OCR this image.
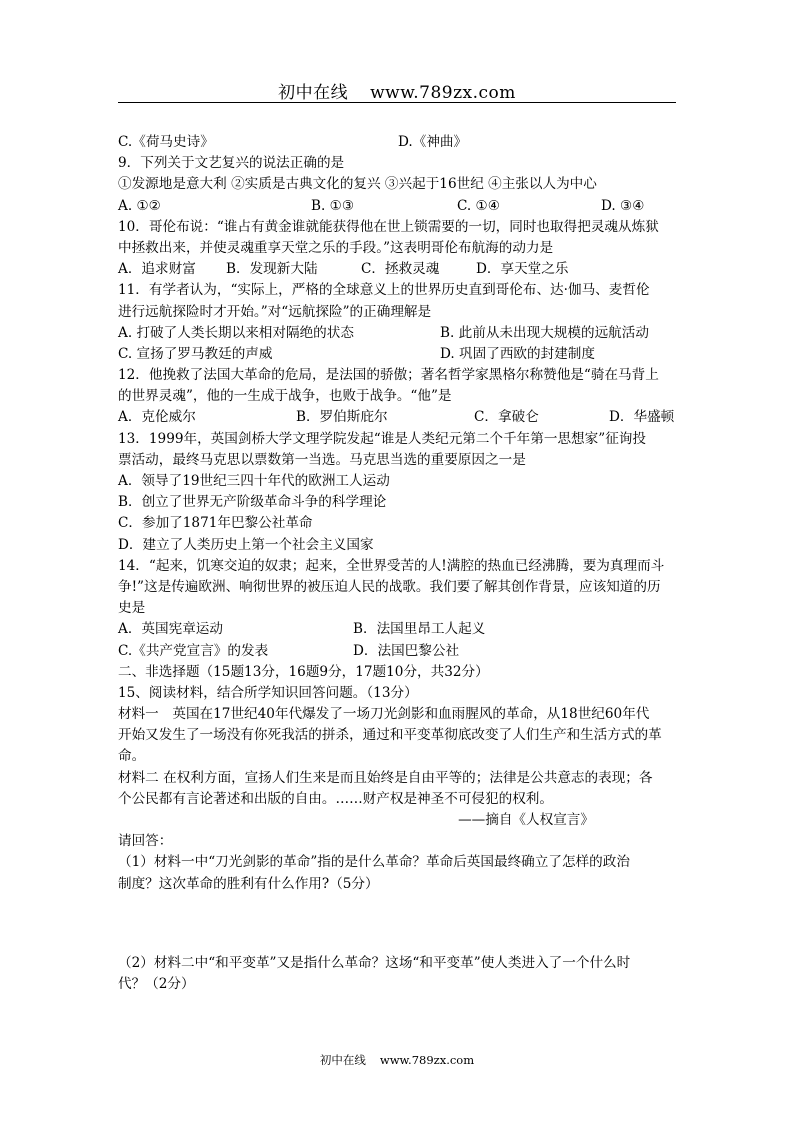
初中在线 www.789zx.com
C.《荷马史诗》	D.《神曲》
9．下列关于文艺复兴的说法正确的是
①发源地是意大利 ②实质是古典文化的复兴 ③兴起于16世纪 ④主张以人为中心
A. ①②	B. ①③	C. ①④	D. ③④
10．哥伦布说：“谁占有黄金谁就能获得他在世上锁需要的一切，同时也取得把灵魂从炼狱
中拯救出来，并使灵魂重享天堂之乐的手段。”这表明哥伦布航海的动力是
A．追求财富	B．发现新大陆	C．拯救灵魂	D．享天堂之乐
11．有学者认为，“实际上，严格的全球意义上的世界历史直到哥伦布、达·伽马、麦哲伦
进行远航探险时才开始。”对“远航探险”的正确理解是
A. 打破了人类长期以来相对隔绝的状态	B. 此前从未出现大规模的远航活动
C. 宣扬了罗马教廷的声威	D. 巩固了西欧的封建制度
12．他挽救了法国大革命的危局，是法国的骄傲；著名哲学家黑格尔称赞他是“骑在马背上
的世界灵魂”，他的一生成于战争，也败于战争。“他”是
A．克伦威尔	B．罗伯斯庇尔	C．拿破仑	D．华盛顿
13．1999年，英国剑桥大学文理学院发起“谁是人类纪元第二个千年第一思想家”征询投
票活动，最终马克思以票数第一当选。马克思当选的重要原因之一是
A．领导了19世纪三四十年代的欧洲工人运动
B．创立了世界无产阶级革命斗争的科学理论
C．参加了1871年巴黎公社革命
D．建立了人类历史上第一个社会主义国家
14．“起来，饥寒交迫的奴隶；起来，全世界受苦的人!满腔的热血已经沸腾，要为真理而斗
争!”这是传遍欧洲、响彻世界的被压迫人民的战歌。我们要了解其创作背景，应该知道的历
史是
A．英国宪章运动	B．法国里昂工人起义
C.《共产党宣言》的发表	D．法国巴黎公社
二、非选择题（15题13分，16题9分，17题10分，共32分）
15、阅读材料，结合所学知识回答问题。（13分）
材料一　英国在17世纪40年代爆发了一场刀光剑影和血雨腥风的革命，从18世纪60年代
开始又发生了一场没有你死我活的拼杀，通过和平变革彻底改变了人们生产和生活方式的革
命。
材料二 在权利方面，宣扬人们生来是而且始终是自由平等的；法律是公共意志的表现；各
个公民都有言论著述和出版的自由。……财产权是神圣不可侵犯的权利。
——摘自《人权宣言》
请回答：
（1）材料一中“刀光剑影的革命”指的是什么革命？革命后英国最终确立了怎样的政治
制度？这次革命的胜利有什么作用?（5分）
（2）材料二中“和平变革”又是指什么革命？这场“和平变革”使人类进入了一个什么时
代？（2分）
初中在线 www.789zx.com
